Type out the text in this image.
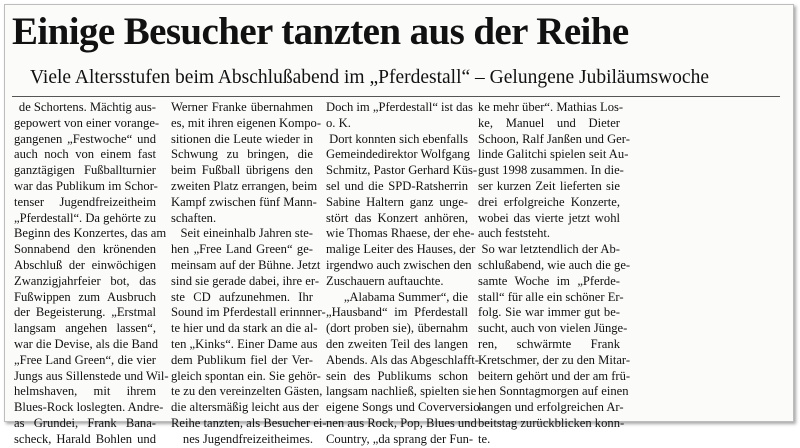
Einige Besucher tanzten aus der Reihe
Viele Altersstufen beim Abschlußabend im „Pferdestall“ – Gelungene Jubiläumswoche
de Schortens. Mächtig aus-
gepowert von einer vorange-
gangenen „Festwoche“ und
auch noch von einem fast
ganztägigen Fußballturnier
war das Publikum im Schor-
tenser Jugendfreizeitheim
„Pferdestall“. Da gehörte zu
Beginn des Konzertes, das am
Sonnabend den krönenden
Abschluß der einwöchigen
Zwanzigjahrfeier bot, das
Fußwippen zum Ausbruch
der Begeisterung. „Erstmal
langsam angehen lassen“,
war die Devise, als die Band
„Free Land Green“, die vier
Jungs aus Sillenstede und Wil-
helmshaven, mit ihrem
Blues-Rock loslegten. Andre-
as Grundei, Frank Bana-
scheck, Harald Bohlen und
Werner Franke übernahmen
es, mit ihren eigenen Kompo-
sitionen die Leute wieder in
Schwung zu bringen, die
beim Fußball übrigens den
zweiten Platz errangen, beim
Kampf zwischen fünf Mann-
schaften.
Seit eineinhalb Jahren ste-
hen „Free Land Green“ ge-
meinsam auf der Bühne. Jetzt
sind sie gerade dabei, ihre er-
ste CD aufzunehmen. Ihr
Sound im Pferdestall erinnner-
te hier und da stark an die al-
ten „Kinks“. Einer Dame aus
dem Publikum fiel der Ver-
gleich spontan ein. Sie gehör-
te zu den vereinzelten Gästen,
die altersmäßig leicht aus der
Reihe tanzten, als Besucher ei-
nes Jugendfreizeitheimes.
Doch im „Pferdestall“ ist das
o. K.
Dort konnten sich ebenfalls
Gemeindedirektor Wolfgang
Schmitz, Pastor Gerhard Küs-
sel und die SPD-Ratsherrin
Sabine Haltern ganz unge-
stört das Konzert anhören,
wie Thomas Rhaese, der ehe-
malige Leiter des Hauses, der
irgendwo auch zwischen den
Zuschauern auftauchte.
„Alabama Summer“, die
„Hausband“ im Pferdestall
(dort proben sie), übernahm
den zweiten Teil des langen
Abends. Als das Abgeschlafft-
sein des Publikums schon
langsam nachließ, spielten sie
eigene Songs und Coverversio-
nen aus Rock, Pop, Blues und
Country, „da sprang der Fun-
ke mehr über“. Mathias Los-
ke, Manuel und Dieter
Schoon, Ralf Janßen und Ger-
linde Galitchi spielen seit Au-
gust 1998 zusammen. In die-
ser kurzen Zeit lieferten sie
drei erfolgreiche Konzerte,
wobei das vierte jetzt wohl
auch feststeht.
So war letztendlich der Ab-
schlußabend, wie auch die ge-
samte Woche im „Pferde-
stall“ für alle ein schöner Er-
folg. Sie war immer gut be-
sucht, auch von vielen Jünge-
ren, schwärmte Frank
Kretschmer, der zu den Mitar-
beitern gehört und der am frü-
hen Sonntagmorgen auf einen
langen und erfolgreichen Ar-
beitstag zurückblicken konn-
te.
